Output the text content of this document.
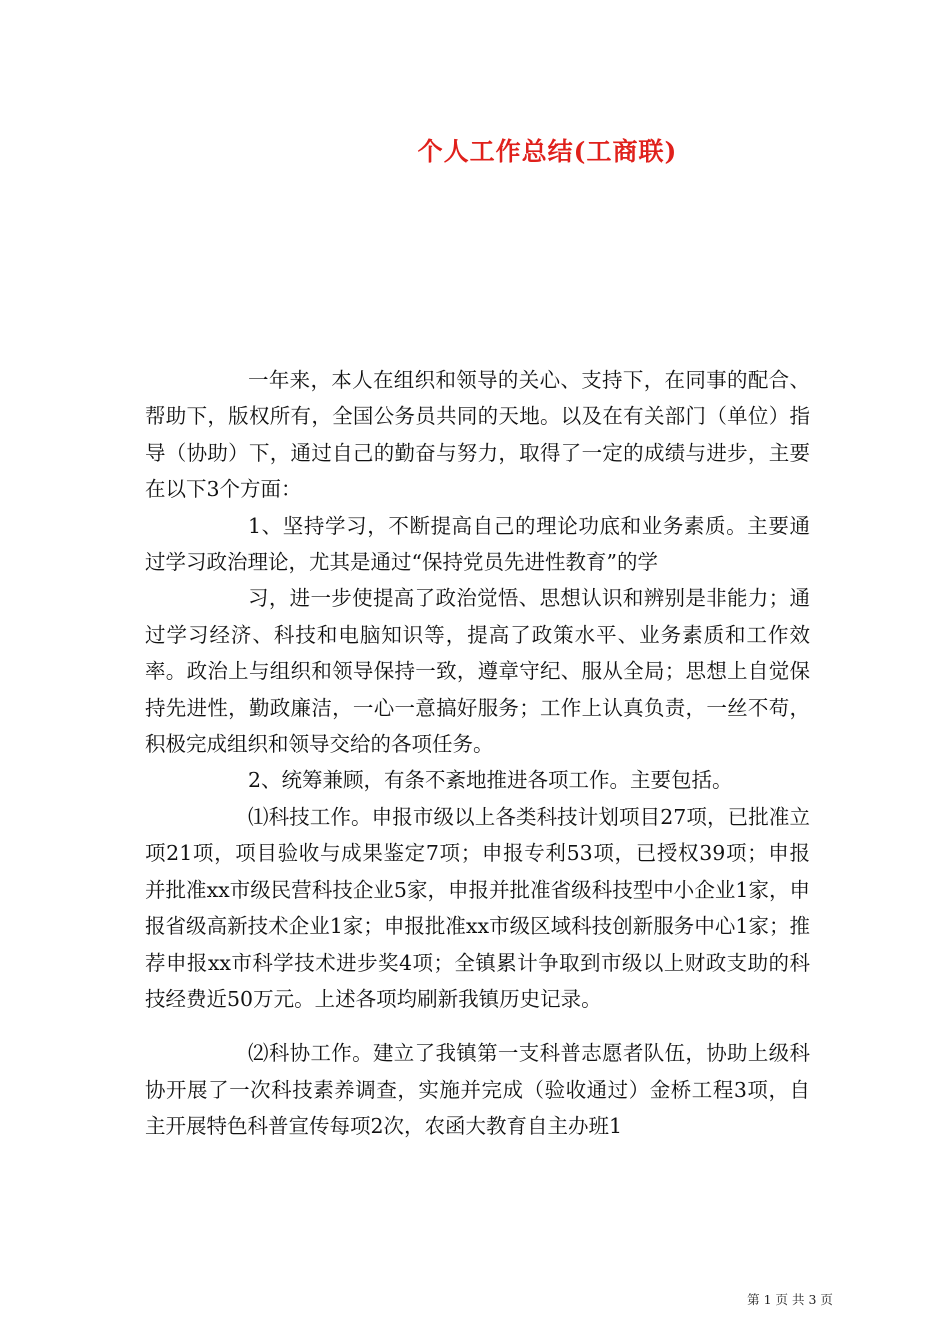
个人工作总结(工商联)

一年来，本人在组织和领导的关心、支持下，在同事的配合、帮助下，版权所有，全国公务员共同的天地。以及在有关部门（单位）指导（协助）下，通过自己的勤奋与努力，取得了一定的成绩与进步，主要在以下3个方面：

1、坚持学习，不断提高自己的理论功底和业务素质。主要通过学习政治理论，尤其是通过“保持党员先进性教育”的学

习，进一步使提高了政治觉悟、思想认识和辨别是非能力；通过学习经济、科技和电脑知识等，提高了政策水平、业务素质和工作效率。政治上与组织和领导保持一致，遵章守纪、服从全局；思想上自觉保持先进性，勤政廉洁，一心一意搞好服务；工作上认真负责，一丝不苟，积极完成组织和领导交给的各项任务。

2、统筹兼顾，有条不紊地推进各项工作。主要包括。

⑴科技工作。申报市级以上各类科技计划项目27项，已批准立项21项，项目验收与成果鉴定7项；申报专利53项，已授权39项；申报并批准xx市级民营科技企业5家，申报并批准省级科技型中小企业1家，申报省级高新技术企业1家；申报批准xx市级区域科技创新服务中心1家；推荐申报xx市科学技术进步奖4项；全镇累计争取到市级以上财政支助的科技经费近50万元。上述各项均刷新我镇历史记录。

⑵科协工作。建立了我镇第一支科普志愿者队伍，协助上级科协开展了一次科技素养调查，实施并完成（验收通过）金桥工程3项，自主开展特色科普宣传每项2次，农函大教育自主办班1

第 1 页 共 3 页
